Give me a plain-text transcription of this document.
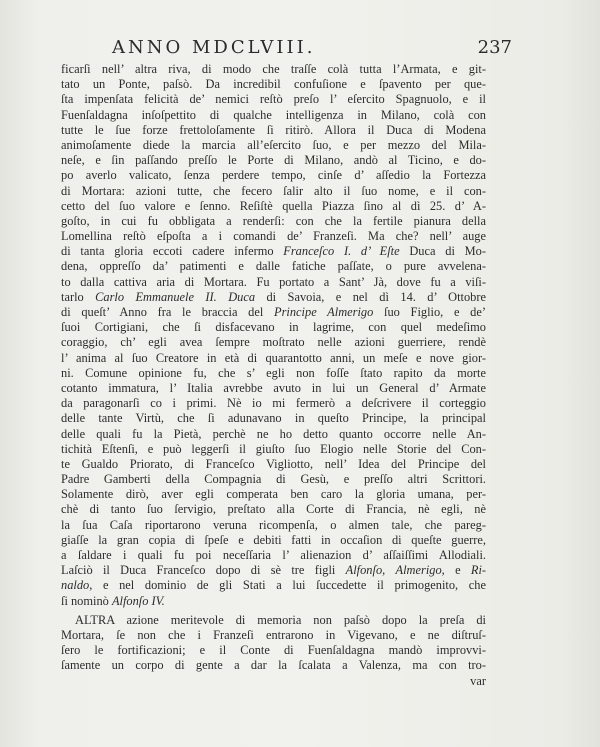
ANNO MDCLVIII.	237
ficarſi nell’ altra riva, di modo che traſſe colà tutta l’Armata, e git-
tato un Ponte, paſsò. Da incredibil confuſione e ſpavento per que-
ſta impenſata felicità de’ nemici reſtò preſo l’ eſercito Spagnuolo, e il
Fuenſaldagna inſoſpettito di qualche intelligenza in Milano, colà con
tutte le ſue forze frettoloſamente ſi ritirò. Allora il Duca di Modena
animoſamente diede la marcia all’eſercito ſuo, e per mezzo del Mila-
neſe, e ſin paſſando preſſo le Porte di Milano, andò al Ticino, e do-
po averlo valicato, ſenza perdere tempo, cinſe d’ aſſedio la Fortezza
di Mortara: azioni tutte, che fecero ſalir alto il ſuo nome, e il con-
cetto del ſuo valore e ſenno. Reſiſtè quella Piazza ſino al dì 25. d’ A-
goſto, in cui fu obbligata a renderſi: con che la fertile pianura della
Lomellina reſtò eſpoſta a i comandi de’ Franzeſi. Ma che? nell’ auge
di tanta gloria eccoti cadere infermo Franceſco I. d’ Eſte Duca di Mo-
dena, oppreſſo da’ patimenti e dalle fatiche paſſate, o pure avvelena-
to dalla cattiva aria di Mortara. Fu portato a Sant’ Jà, dove fu a viſi-
tarlo Carlo Emmanuele II. Duca di Savoia, e nel dì 14. d’ Ottobre
di queſt’ Anno fra le braccia del Principe Almerigo ſuo Figlio, e de’
ſuoi Cortigiani, che ſi disfacevano in lagrime, con quel medeſimo
coraggio, ch’ egli avea ſempre moſtrato nelle azioni guerriere, rendè
l’ anima al ſuo Creatore in età di quarantotto anni, un meſe e nove gior-
ni. Comune opinione fu, che s’ egli non foſſe ſtato rapito da morte
cotanto immatura, l’ Italia avrebbe avuto in lui un General d’ Armate
da paragonarſi co i primi. Nè io mi fermerò a deſcrivere il corteggio
delle tante Virtù, che ſi adunavano in queſto Principe, la principal
delle quali fu la Pietà, perchè ne ho detto quanto occorre nelle An-
tichità Eſtenſi, e può leggerſi il giuſto ſuo Elogio nelle Storie del Con-
te Gualdo Priorato, di Franceſco Vigliotto, nell’ Idea del Principe del
Padre Gamberti della Compagnia di Gesù, e preſſo altri Scrittori.
Solamente dirò, aver egli comperata ben caro la gloria umana, per-
chè di tanto ſuo ſervigio, preſtato alla Corte di Francia, nè egli, nè
la ſua Caſa riportarono veruna ricompenſa, o almen tale, che pareg-
giaſſe la gran copia di ſpeſe e debiti fatti in occaſion di queſte guerre,
a ſaldare i quali fu poi neceſſaria l’ alienazion d’ aſſaiſſimi Allodiali.
Laſciò il Duca Franceſco dopo di sè tre figli Alfonſo, Almerigo, e Ri-
naldo, e nel dominio de gli Stati a lui ſuccedette il primogenito, che
ſi nominò Alfonſo IV.
ALTRA azione meritevole di memoria non paſsò dopo la preſa di
Mortara, ſe non che i Franzeſi entrarono in Vigevano, e ne diſtruſ-
ſero le fortificazioni; e il Conte di Fuenſaldagna mandò improvvi-
ſamente un corpo di gente a dar la ſcalata a Valenza, ma con tro-
var
